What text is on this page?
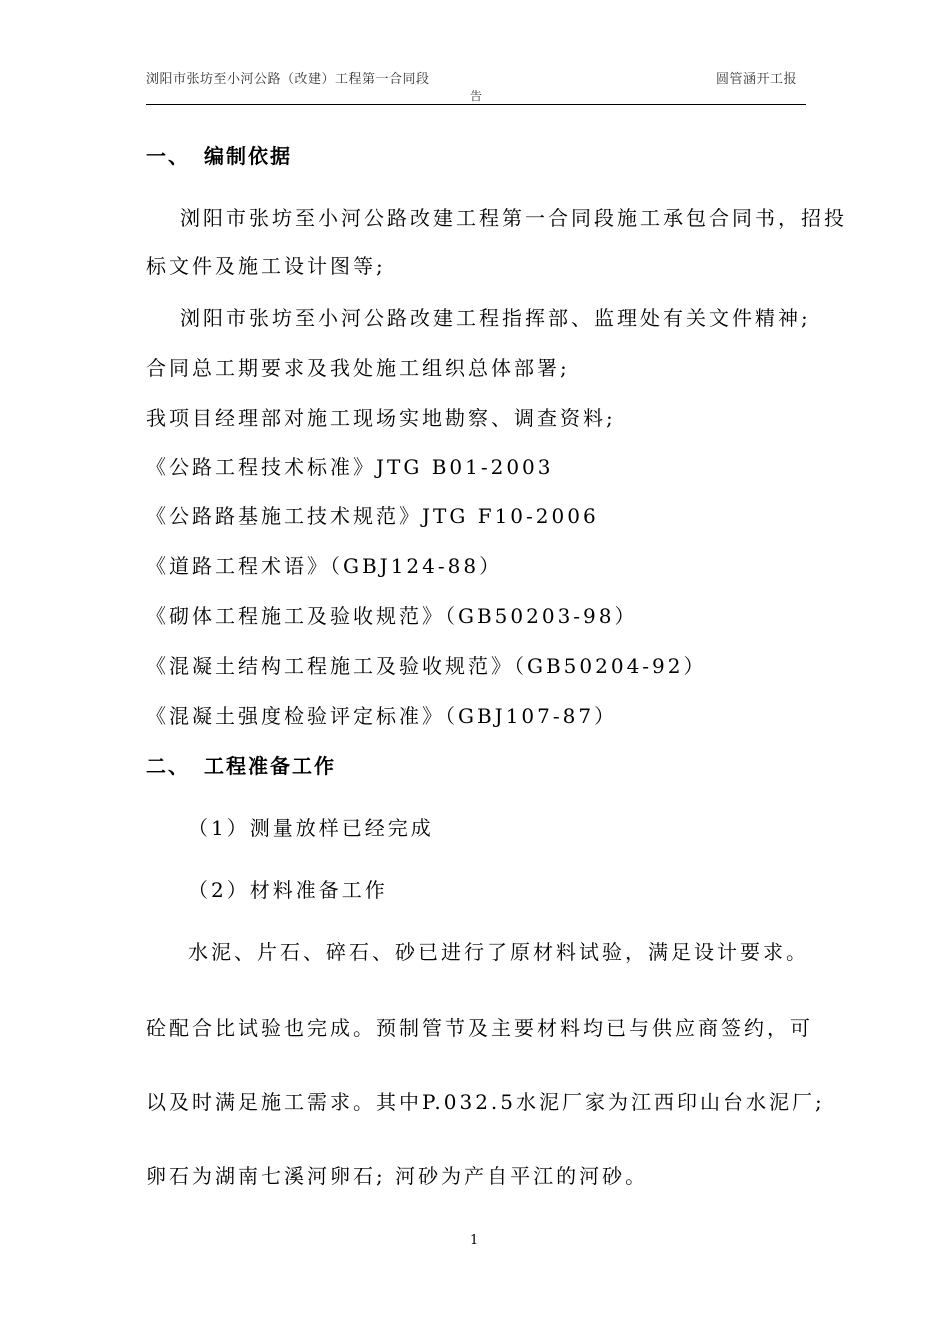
浏阳市张坊至小河公路（改建）工程第一合同段
告
圆管涵开工报
一、 编制依据
浏阳市张坊至小河公路改建工程第一合同段施工承包合同书，招投
标文件及施工设计图等;
浏阳市张坊至小河公路改建工程指挥部、监理处有关文件精神;
合同总工期要求及我处施工组织总体部署;
我项目经理部对施工现场实地勘察、调查资料;
《公路工程技术标准》JTG B01-2003
《公路路基施工技术规范》JTG F10-2006
《道路工程术语》（GBJ124-88）
《砌体工程施工及验收规范》（GB50203-98）
《混凝土结构工程施工及验收规范》（GB50204-92）
《混凝土强度检验评定标准》（GBJ107-87）
二、 工程准备工作
（1）测量放样已经完成
（2）材料准备工作
水泥、片石、碎石、砂已进行了原材料试验，满足设计要求。
砼配合比试验也完成。预制管节及主要材料均已与供应商签约，可
以及时满足施工需求。其中P.032.5水泥厂家为江西印山台水泥厂;
卵石为湖南七溪河卵石; 河砂为产自平江的河砂。
1
